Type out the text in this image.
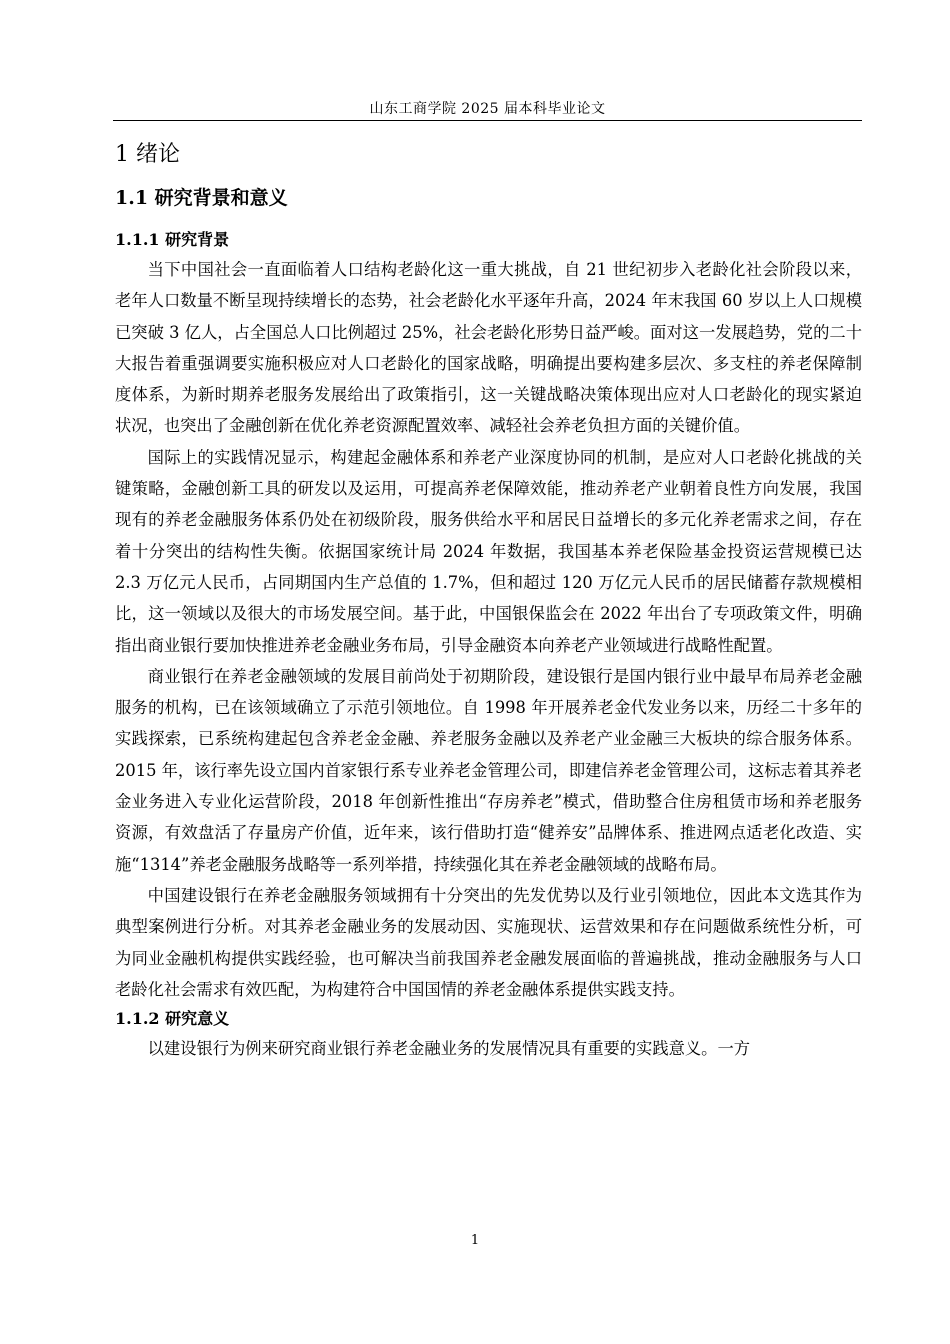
山东工商学院 2025 届本科毕业论文
1 绪论
1.1 研究背景和意义
1.1.1 研究背景

当下中国社会一直面临着人口结构老龄化这一重大挑战，自 21 世纪初步入老龄化社会阶段以来，老年人口数量不断呈现持续增长的态势，社会老龄化水平逐年升高，2024 年末我国 60 岁以上人口规模已突破 3 亿人，占全国总人口比例超过 25%，社会老龄化形势日益严峻。面对这一发展趋势，党的二十大报告着重强调要实施积极应对人口老龄化的国家战略，明确提出要构建多层次、多支柱的养老保障制度体系，为新时期养老服务发展给出了政策指引，这一关键战略决策体现出应对人口老龄化的现实紧迫状况，也突出了金融创新在优化养老资源配置效率、减轻社会养老负担方面的关键价值。

国际上的实践情况显示，构建起金融体系和养老产业深度协同的机制，是应对人口老龄化挑战的关键策略，金融创新工具的研发以及运用，可提高养老保障效能，推动养老产业朝着良性方向发展，我国现有的养老金融服务体系仍处在初级阶段，服务供给水平和居民日益增长的多元化养老需求之间，存在着十分突出的结构性失衡。依据国家统计局 2024 年数据，我国基本养老保险基金投资运营规模已达 2.3 万亿元人民币，占同期国内生产总值的 1.7%，但和超过 120 万亿元人民币的居民储蓄存款规模相比，这一领域以及很大的市场发展空间。基于此，中国银保监会在 2022 年出台了专项政策文件，明确指出商业银行要加快推进养老金融业务布局，引导金融资本向养老产业领域进行战略性配置。

商业银行在养老金融领域的发展目前尚处于初期阶段，建设银行是国内银行业中最早布局养老金融服务的机构，已在该领域确立了示范引领地位。自 1998 年开展养老金代发业务以来，历经二十多年的实践探索，已系统构建起包含养老金金融、养老服务金融以及养老产业金融三大板块的综合服务体系。2015 年，该行率先设立国内首家银行系专业养老金管理公司，即建信养老金管理公司，这标志着其养老金业务进入专业化运营阶段，2018 年创新性推出“存房养老”模式，借助整合住房租赁市场和养老服务资源，有效盘活了存量房产价值，近年来，该行借助打造“健养安”品牌体系、推进网点适老化改造、实施“1314”养老金融服务战略等一系列举措，持续强化其在养老金融领域的战略布局。

中国建设银行在养老金融服务领域拥有十分突出的先发优势以及行业引领地位，因此本文选其作为典型案例进行分析。对其养老金融业务的发展动因、实施现状、运营效果和存在问题做系统性分析，可为同业金融机构提供实践经验，也可解决当前我国养老金融发展面临的普遍挑战，推动金融服务与人口老龄化社会需求有效匹配，为构建符合中国国情的养老金融体系提供实践支持。

1.1.2 研究意义

以建设银行为例来研究商业银行养老金融业务的发展情况具有重要的实践意义。一方

1
